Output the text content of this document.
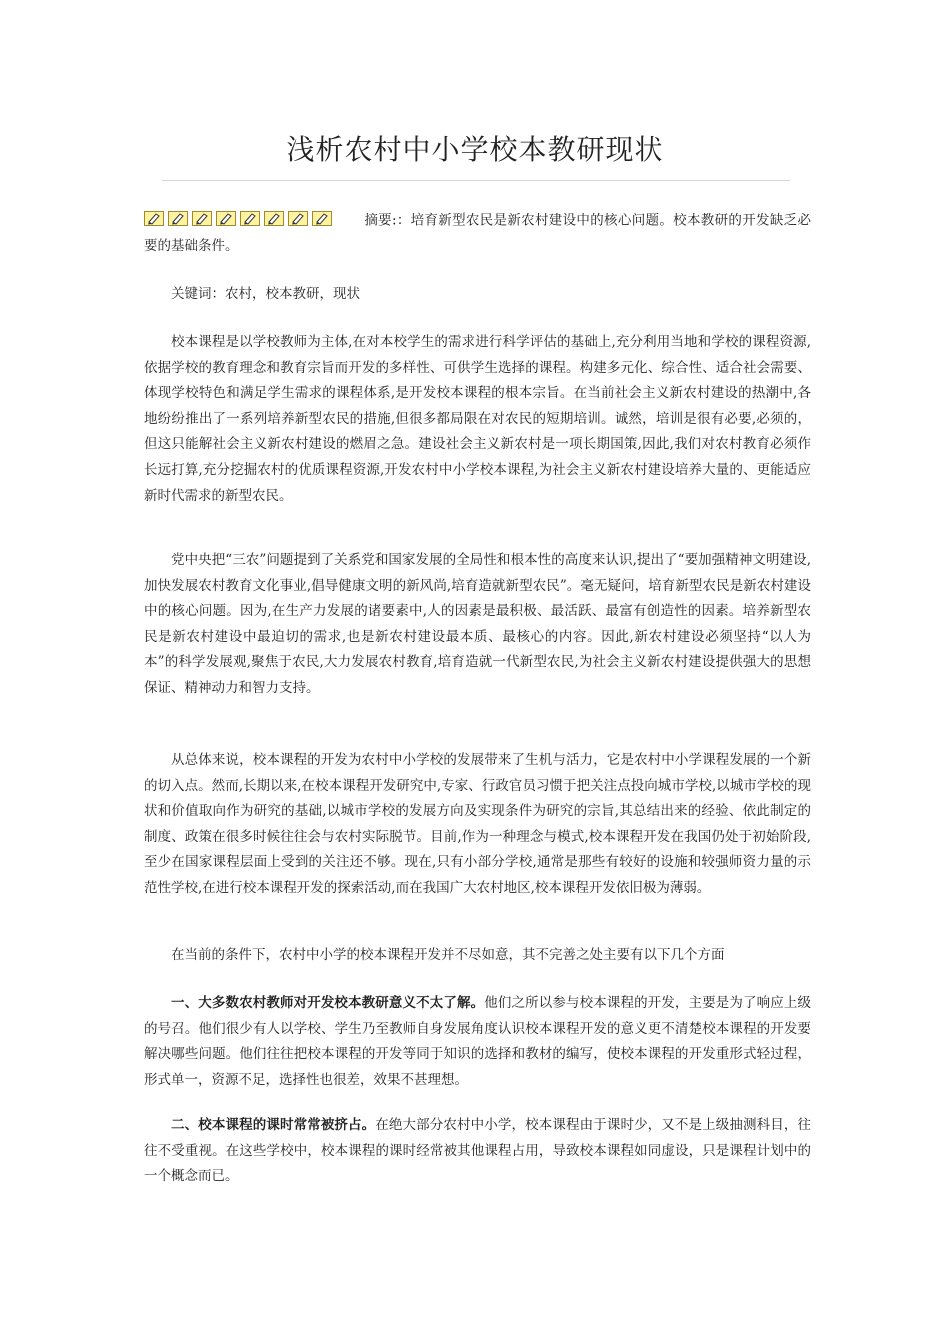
浅析农村中小学校本教研现状
摘要:：培育新型农民是新农村建设中的核心问题。校本教研的开发缺乏必要的基础条件。

关键词：农村，校本教研，现状

校本课程是以学校教师为主体,在对本校学生的需求进行科学评估的基础上,充分利用当地和学校的课程资源,依据学校的教育理念和教育宗旨而开发的多样性、可供学生选择的课程。构建多元化、综合性、适合社会需要、体现学校特色和满足学生需求的课程体系,是开发校本课程的根本宗旨。在当前社会主义新农村建设的热潮中,各地纷纷推出了一系列培养新型农民的措施,但很多都局限在对农民的短期培训。诚然，培训是很有必要,必须的，但这只能解社会主义新农村建设的燃眉之急。建设社会主义新农村是一项长期国策,因此,我们对农村教育必须作长远打算,充分挖掘农村的优质课程资源,开发农村中小学校本课程,为社会主义新农村建设培养大量的、更能适应新时代需求的新型农民。

党中央把“三农”问题提到了关系党和国家发展的全局性和根本性的高度来认识,提出了“要加强精神文明建设,加快发展农村教育文化事业,倡导健康文明的新风尚,培育造就新型农民”。毫无疑问，培育新型农民是新农村建设中的核心问题。因为,在生产力发展的诸要素中,人的因素是最积极、最活跃、最富有创造性的因素。培养新型农民是新农村建设中最迫切的需求,也是新农村建设最本质、最核心的内容。因此,新农村建设必须坚持“以人为本”的科学发展观,聚焦于农民,大力发展农村教育,培育造就一代新型农民,为社会主义新农村建设提供强大的思想保证、精神动力和智力支持。

从总体来说，校本课程的开发为农村中小学校的发展带来了生机与活力，它是农村中小学课程发展的一个新的切入点。然而,长期以来,在校本课程开发研究中,专家、行政官员习惯于把关注点投向城市学校,以城市学校的现状和价值取向作为研究的基础,以城市学校的发展方向及实现条件为研究的宗旨,其总结出来的经验、依此制定的制度、政策在很多时候往往会与农村实际脱节。目前,作为一种理念与模式,校本课程开发在我国仍处于初始阶段,至少在国家课程层面上受到的关注还不够。现在,只有小部分学校,通常是那些有较好的设施和较强师资力量的示范性学校,在进行校本课程开发的探索活动,而在我国广大农村地区,校本课程开发依旧极为薄弱。

在当前的条件下，农村中小学的校本课程开发并不尽如意，其不完善之处主要有以下几个方面

一、大多数农村教师对开发校本教研意义不太了解。他们之所以参与校本课程的开发，主要是为了响应上级的号召。他们很少有人以学校、学生乃至教师自身发展角度认识校本课程开发的意义更不清楚校本课程的开发要解决哪些问题。他们往往把校本课程的开发等同于知识的选择和教材的编写，使校本课程的开发重形式轻过程，形式单一，资源不足，选择性也很差，效果不甚理想。

二、校本课程的课时常常被挤占。在绝大部分农村中小学，校本课程由于课时少，又不是上级抽测科目，往往不受重视。在这些学校中，校本课程的课时经常被其他课程占用，导致校本课程如同虚设，只是课程计划中的一个概念而已。
